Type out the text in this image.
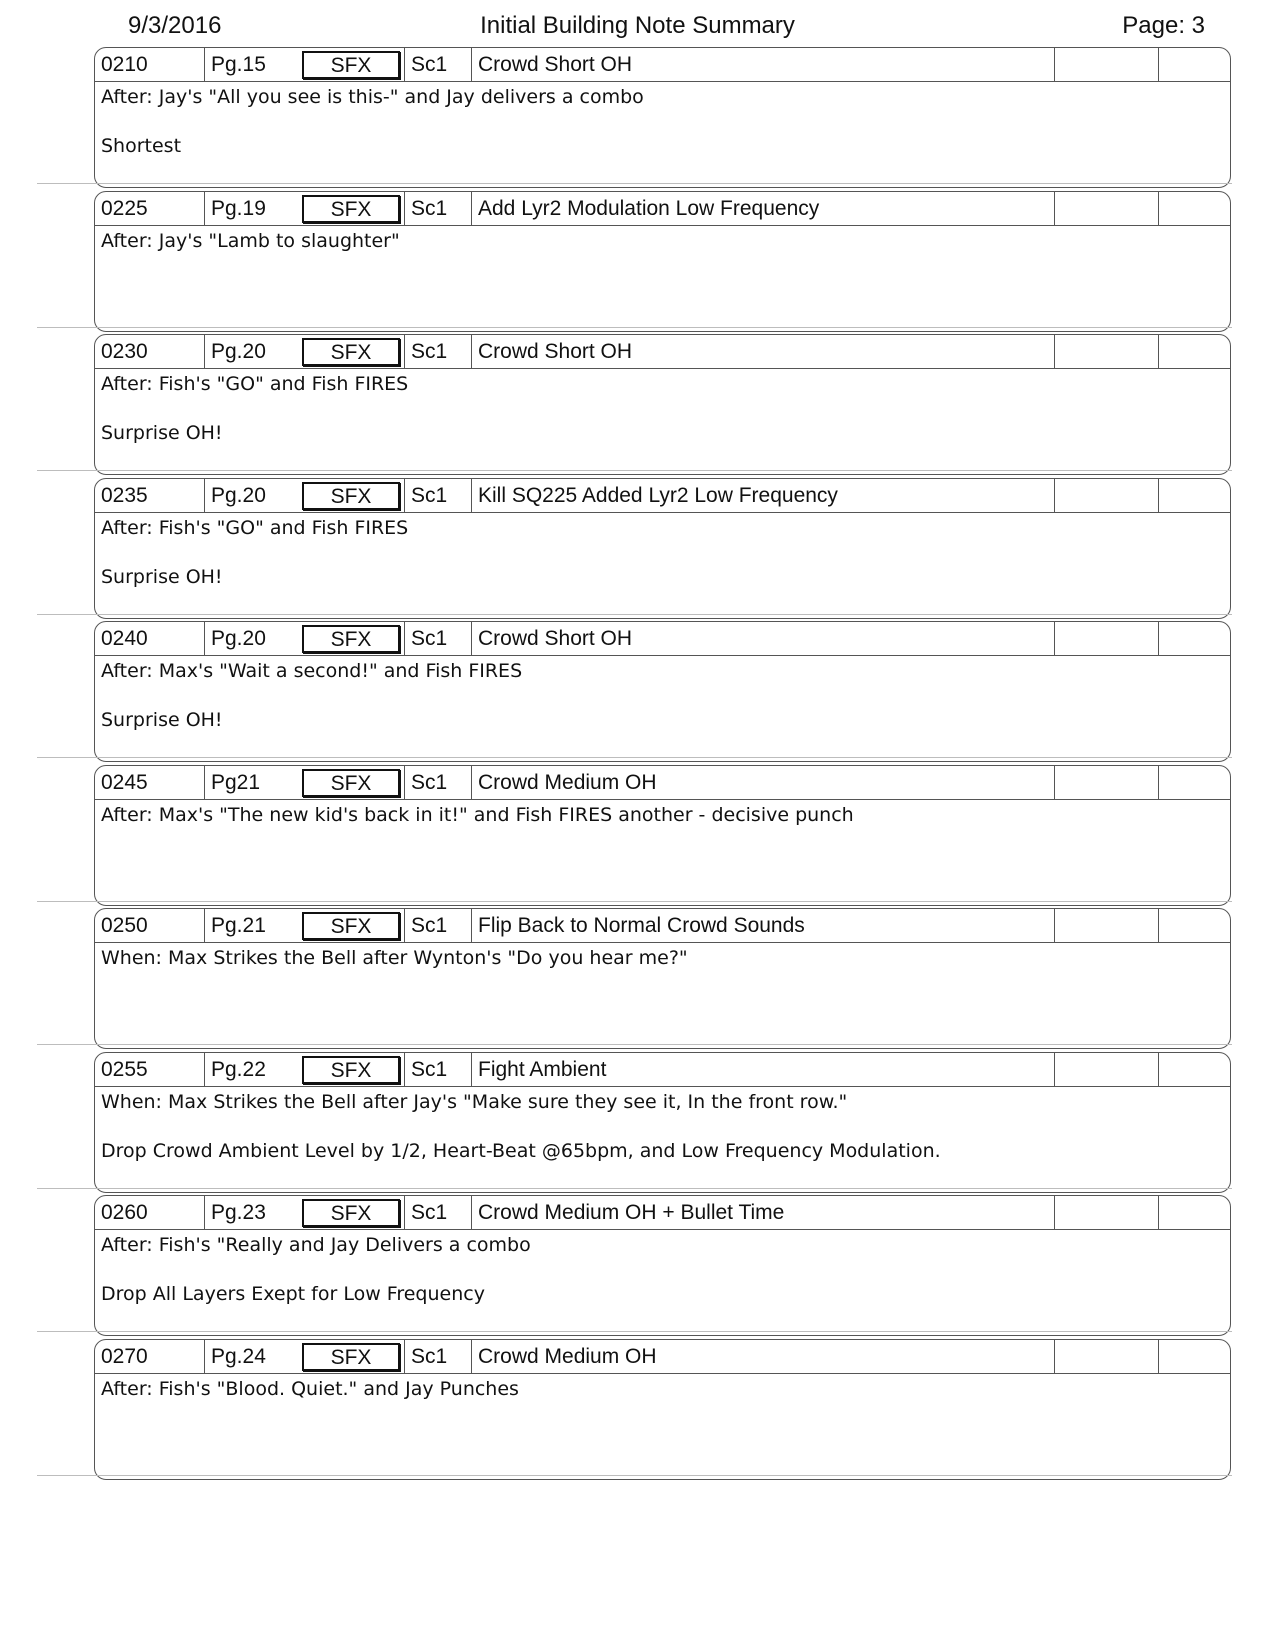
9/3/2016	Initial Building Note Summary	Page: 3
0210	Pg.15	SFX	Sc1	Crowd Short OH
After: Jay's "All you see is this-" and Jay delivers a combo
Shortest
0225	Pg.19	SFX	Sc1	Add Lyr2 Modulation Low Frequency
After: Jay's "Lamb to slaughter"
0230	Pg.20	SFX	Sc1	Crowd Short OH
After: Fish's "GO" and Fish FIRES
Surprise OH!
0235	Pg.20	SFX	Sc1	Kill SQ225 Added Lyr2 Low Frequency
After: Fish's "GO" and Fish FIRES
Surprise OH!
0240	Pg.20	SFX	Sc1	Crowd Short OH
After: Max's "Wait a second!" and Fish FIRES
Surprise OH!
0245	Pg21	SFX	Sc1	Crowd Medium OH
After: Max's "The new kid's back in it!" and Fish FIRES another - decisive punch
0250	Pg.21	SFX	Sc1	Flip Back to Normal Crowd Sounds
When: Max Strikes the Bell after Wynton's "Do you hear me?"
0255	Pg.22	SFX	Sc1	Fight Ambient
When: Max Strikes the Bell after Jay's "Make sure they see it, In the front row."
Drop Crowd Ambient Level by 1/2, Heart-Beat @65bpm, and Low Frequency Modulation.
0260	Pg.23	SFX	Sc1	Crowd Medium OH + Bullet Time
After: Fish's "Really and Jay Delivers a combo
Drop All Layers Exept for Low Frequency
0270	Pg.24	SFX	Sc1	Crowd Medium OH
After: Fish's "Blood. Quiet." and Jay Punches
